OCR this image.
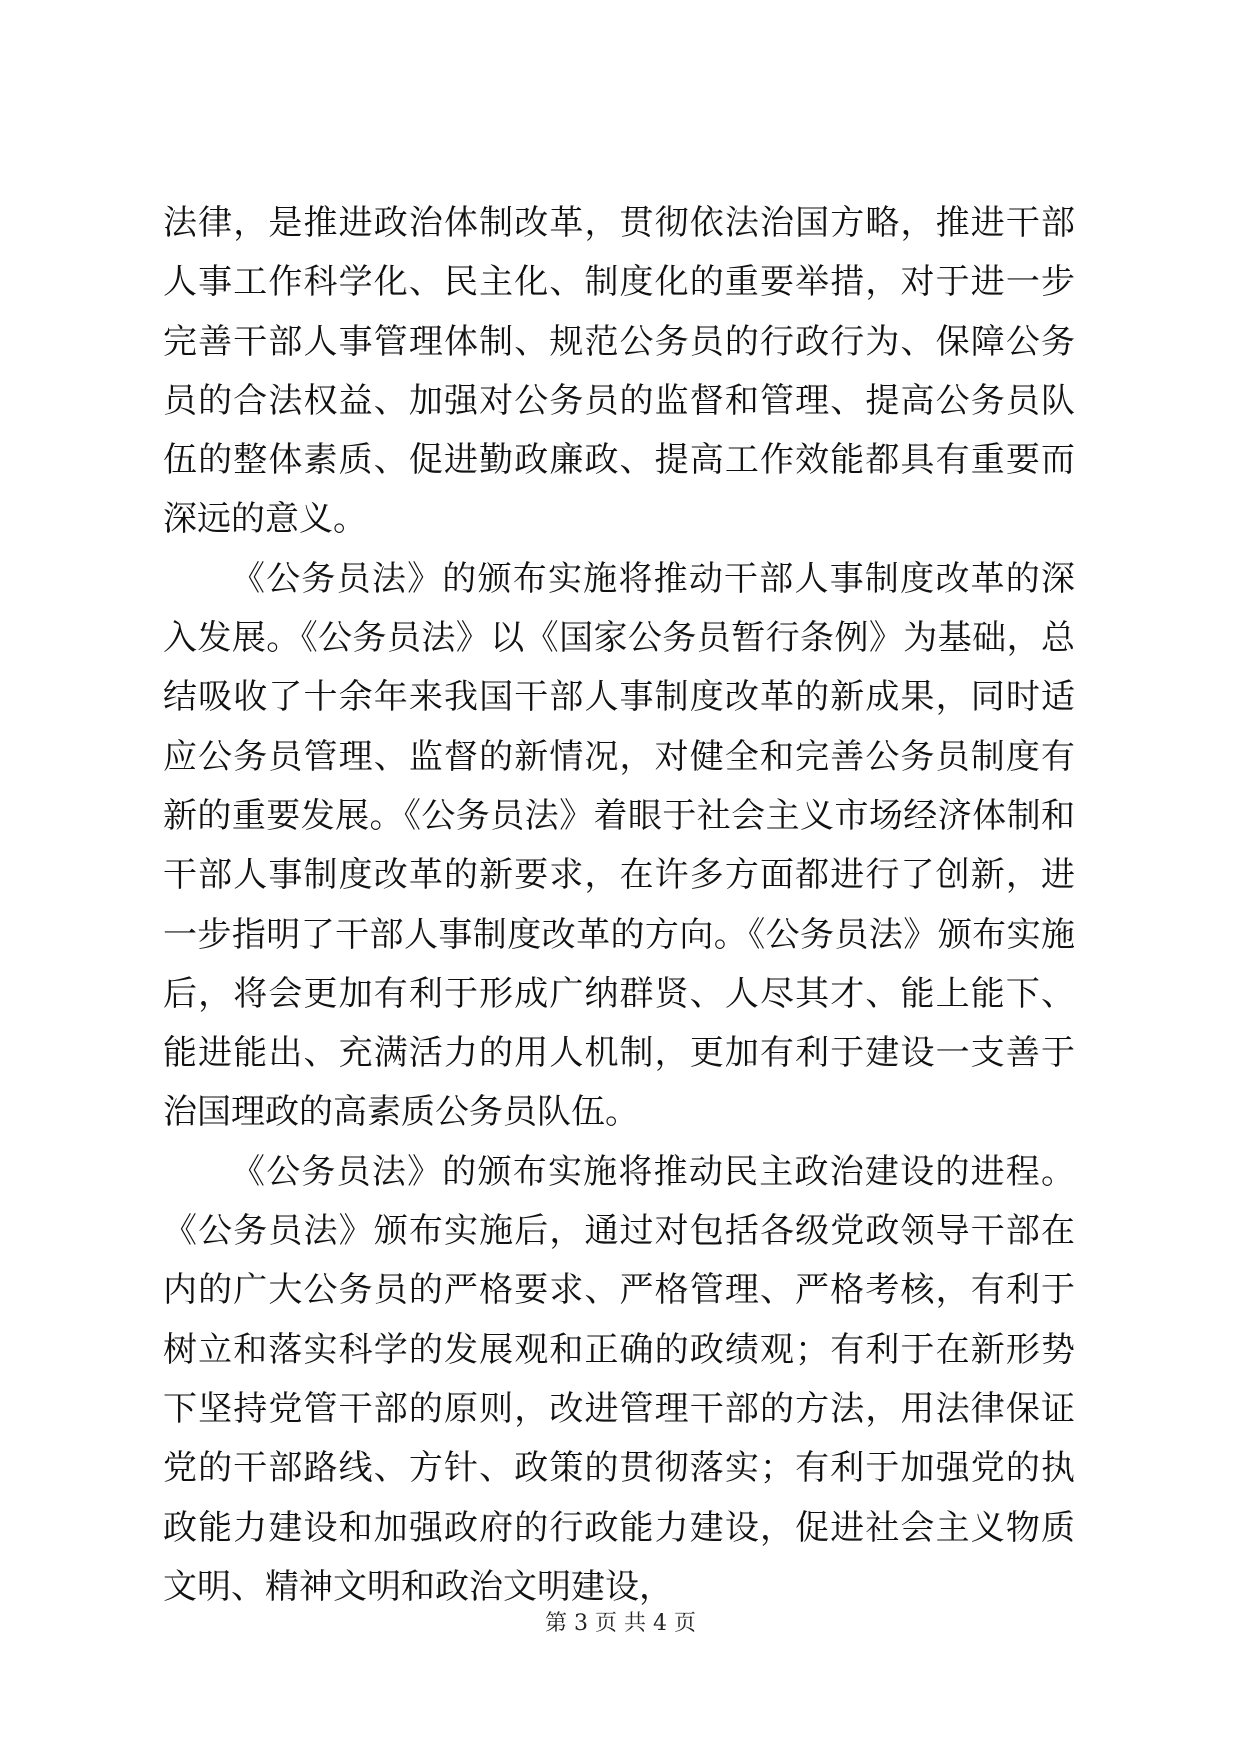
法律，是推进政治体制改革，贯彻依法治国方略，推进干部人事工作科学化、民主化、制度化的重要举措，对于进一步完善干部人事管理体制、规范公务员的行政行为、保障公务员的合法权益、加强对公务员的监督和管理、提高公务员队伍的整体素质、促进勤政廉政、提高工作效能都具有重要而深远的意义。

《公务员法》的颁布实施将推动干部人事制度改革的深入发展。《公务员法》以《国家公务员暂行条例》为基础，总结吸收了十余年来我国干部人事制度改革的新成果，同时适应公务员管理、监督的新情况，对健全和完善公务员制度有新的重要发展。《公务员法》着眼于社会主义市场经济体制和干部人事制度改革的新要求，在许多方面都进行了创新，进一步指明了干部人事制度改革的方向。《公务员法》颁布实施后，将会更加有利于形成广纳群贤、人尽其才、能上能下、能进能出、充满活力的用人机制，更加有利于建设一支善于治国理政的高素质公务员队伍。

《公务员法》的颁布实施将推动民主政治建设的进程。《公务员法》颁布实施后，通过对包括各级党政领导干部在内的广大公务员的严格要求、严格管理、严格考核，有利于树立和落实科学的发展观和正确的政绩观；有利于在新形势下坚持党管干部的原则，改进管理干部的方法，用法律保证党的干部路线、方针、政策的贯彻落实；有利于加强党的执政能力建设和加强政府的行政能力建设，促进社会主义物质文明、精神文明和政治文明建设，

第 3 页 共 4 页
